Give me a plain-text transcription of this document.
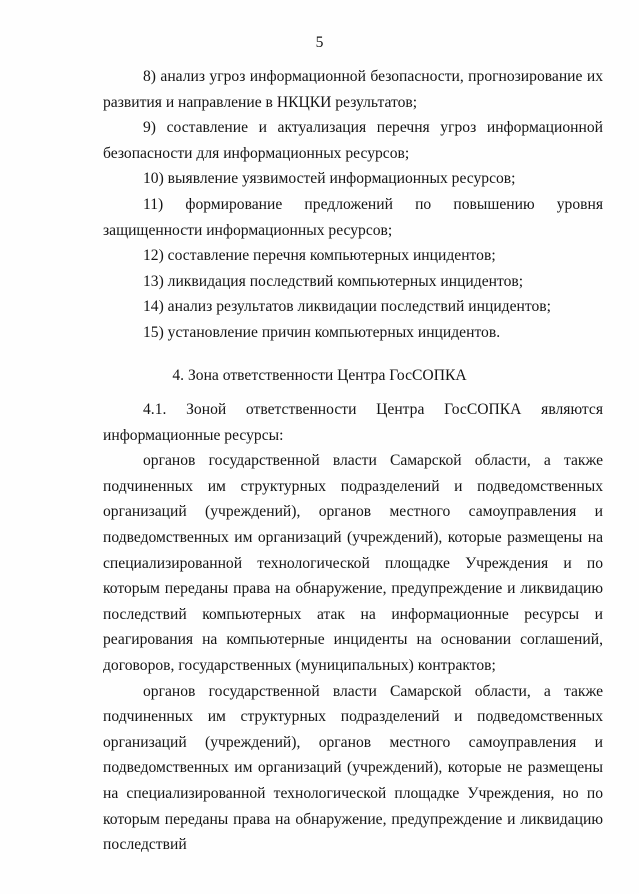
5

8) анализ угроз информационной безопасности, прогнозирование их развития и направление в НКЦКИ результатов;

9) составление и актуализация перечня угроз информационной безопасности для информационных ресурсов;

10) выявление уязвимостей информационных ресурсов;

11) формирование предложений по повышению уровня защищенности информационных ресурсов;

12) составление перечня компьютерных инцидентов;

13) ликвидация последствий компьютерных инцидентов;

14) анализ результатов ликвидации последствий инцидентов;

15) установление причин компьютерных инцидентов.

4. Зона ответственности Центра ГосСОПКА

4.1. Зоной ответственности Центра ГосСОПКА являются информационные ресурсы:

органов государственной власти Самарской области, а также подчиненных им структурных подразделений и подведомственных организаций (учреждений), органов местного самоуправления и подведомственных им организаций (учреждений), которые размещены на специализированной технологической площадке Учреждения и по которым переданы права на обнаружение, предупреждение и ликвидацию последствий компьютерных атак на информационные ресурсы и реагирования на компьютерные инциденты на основании соглашений, договоров, государственных (муниципальных) контрактов;

органов государственной власти Самарской области, а также подчиненных им структурных подразделений и подведомственных организаций (учреждений), органов местного самоуправления и подведомственных им организаций (учреждений), которые не размещены на специализированной технологической площадке Учреждения, но по которым переданы права на обнаружение, предупреждение и ликвидацию последствий
